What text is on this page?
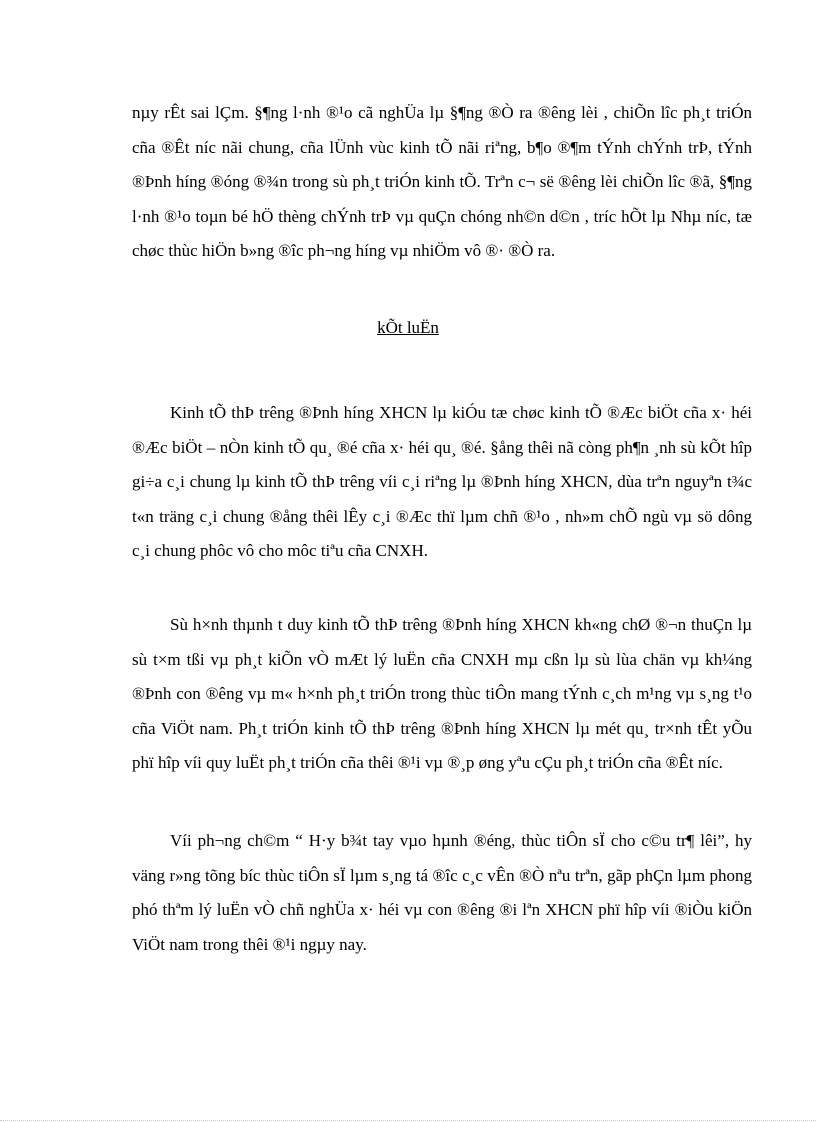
nµy rÊt sai lÇm. §¶ng l·nh ®¹o cã nghÜa lµ §¶ng ®Ò ra ®êng lèi , chiÕn lîc ph¸t triÓn cña ®Êt níc nãi chung, cña lÜnh vùc kinh tÕ nãi riªng, b¶o ®¶m tÝnh chÝnh trÞ, tÝnh ®Þnh híng ®óng ®¾n trong sù ph¸t triÓn kinh tÕ. Trªn c¬ së ®êng lèi chiÕn lîc ®ã, §¶ng l·nh ®¹o toµn bé hÖ thèng chÝnh trÞ vµ quÇn chóng nh©n d©n , tríc hÕt lµ Nhµ níc, tæ chøc thùc hiÖn b»ng ®îc ph¬ng híng vµ nhiÖm vô ®· ®Ò ra.

kÕt luËn

Kinh tÕ thÞ trêng ®Þnh híng XHCN lµ kiÓu tæ chøc kinh tÕ ®Æc biÖt cña x· héi ®Æc biÖt – nÒn kinh tÕ qu¸ ®é cña x· héi qu¸ ®é. §ång thêi nã còng ph¶n ¸nh sù kÕt hîp gi÷a c¸i chung lµ kinh tÕ thÞ trêng víi c¸i riªng lµ ®Þnh híng XHCN, dùa trªn nguyªn t¾c t«n träng c¸i chung ®ång thêi lÊy c¸i ®Æc thï lµm chñ ®¹o , nh»m chÕ ngù vµ sö dông c¸i chung phôc vô cho môc tiªu cña CNXH.

Sù h×nh thµnh t duy kinh tÕ thÞ trêng ®Þnh híng XHCN kh«ng chØ ®¬n thuÇn lµ sù t×m tßi vµ ph¸t kiÕn vÒ mÆt lý luËn cña CNXH mµ cßn lµ sù lùa chän vµ kh¼ng ®Þnh con ®êng vµ m« h×nh ph¸t triÓn trong thùc tiÔn mang tÝnh c¸ch m¹ng vµ s¸ng t¹o cña ViÖt nam. Ph¸t triÓn kinh tÕ thÞ trêng ®Þnh híng XHCN lµ mét qu¸ tr×nh tÊt yÕu phï hîp víi quy luËt ph¸t triÓn cña thêi ®¹i vµ ®¸p øng yªu cÇu ph¸t triÓn cña ®Êt níc.

Víi ph¬ng ch©m “ H·y b¾t tay vµo hµnh ®éng, thùc tiÔn sÏ cho c©u tr¶ lêi”, hy väng r»ng tõng bíc thùc tiÔn sÏ lµm s¸ng tá ®îc c¸c vÊn ®Ò nªu trªn, gãp phÇn lµm phong phó thªm lý luËn vÒ chñ nghÜa x· héi vµ con ®êng ®i lªn XHCN phï hîp víi ®iÒu kiÖn ViÖt nam trong thêi ®¹i ngµy nay.
